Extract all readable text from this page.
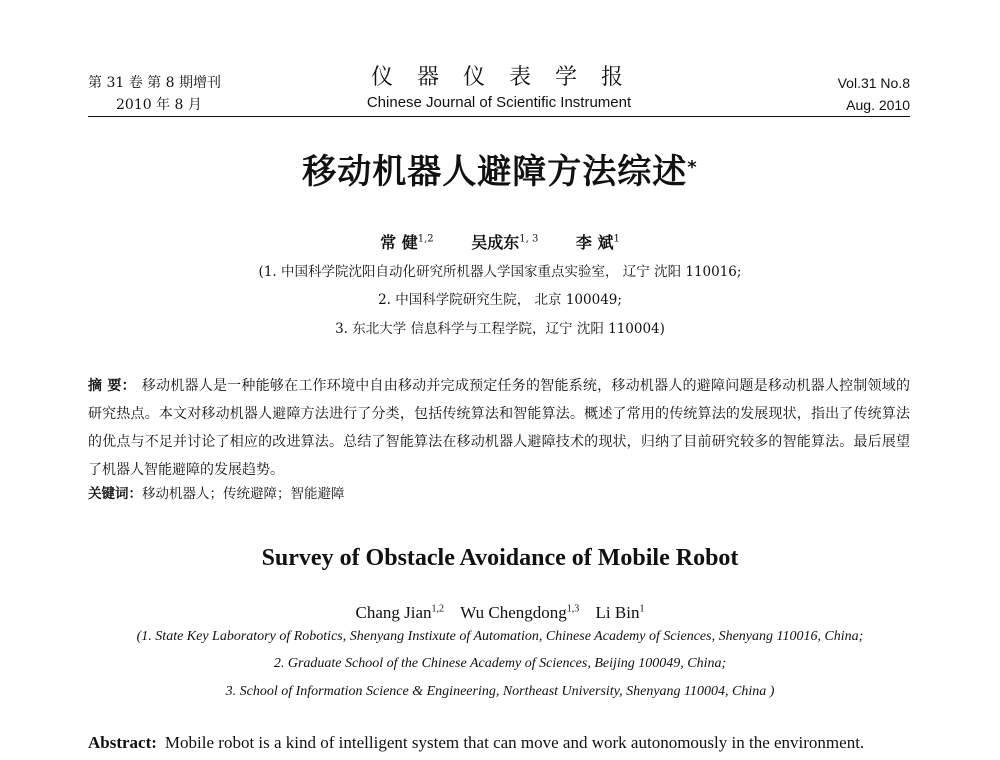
第 31 卷 第 8 期增刊
2010 年 8 月
仪器仪表学报
Chinese Journal of Scientific Instrument
Vol.31 No.8
Aug. 2010
移动机器人避障方法综述*
常 健$^{1,2}$ 吴成东$^{1, 3}$ 李 斌$^1$
(1. 中国科学院沈阳自动化研究所机器人学国家重点实验室， 辽宁 沈阳 110016;
2. 中国科学院研究生院， 北京 100049;
3. 东北大学 信息科学与工程学院，辽宁 沈阳 110004)
摘 要： 移动机器人是一种能够在工作环境中自由移动并完成预定任务的智能系统，移动机器人的避障问题是移动机器人控制领域的研究热点。本文对移动机器人避障方法进行了分类，包括传统算法和智能算法。概述了常用的传统算法的发展现状，指出了传统算法的优点与不足并讨论了相应的改进算法。总结了智能算法在移动机器人避障技术的现状，归纳了目前研究较多的智能算法。最后展望了机器人智能避障的发展趋势。
关键词：移动机器人；传统避障；智能避障
Survey of Obstacle Avoidance of Mobile Robot
Chang Jian$^{1,2}$ Wu Chengdong$^{1,3}$ Li Bin$^1$
(1. State Key Laboratory of Robotics, Shenyang Instixute of Automation, Chinese Academy of Sciences, Shenyang 110016, China;
2. Graduate School of the Chinese Academy of Sciences, Beijing 100049, China;
3. School of Information Science & Engineering, Northeast University, Shenyang 110004, China )
Abstract: Mobile robot is a kind of intelligent system that can move and work autonomously in the environment.
